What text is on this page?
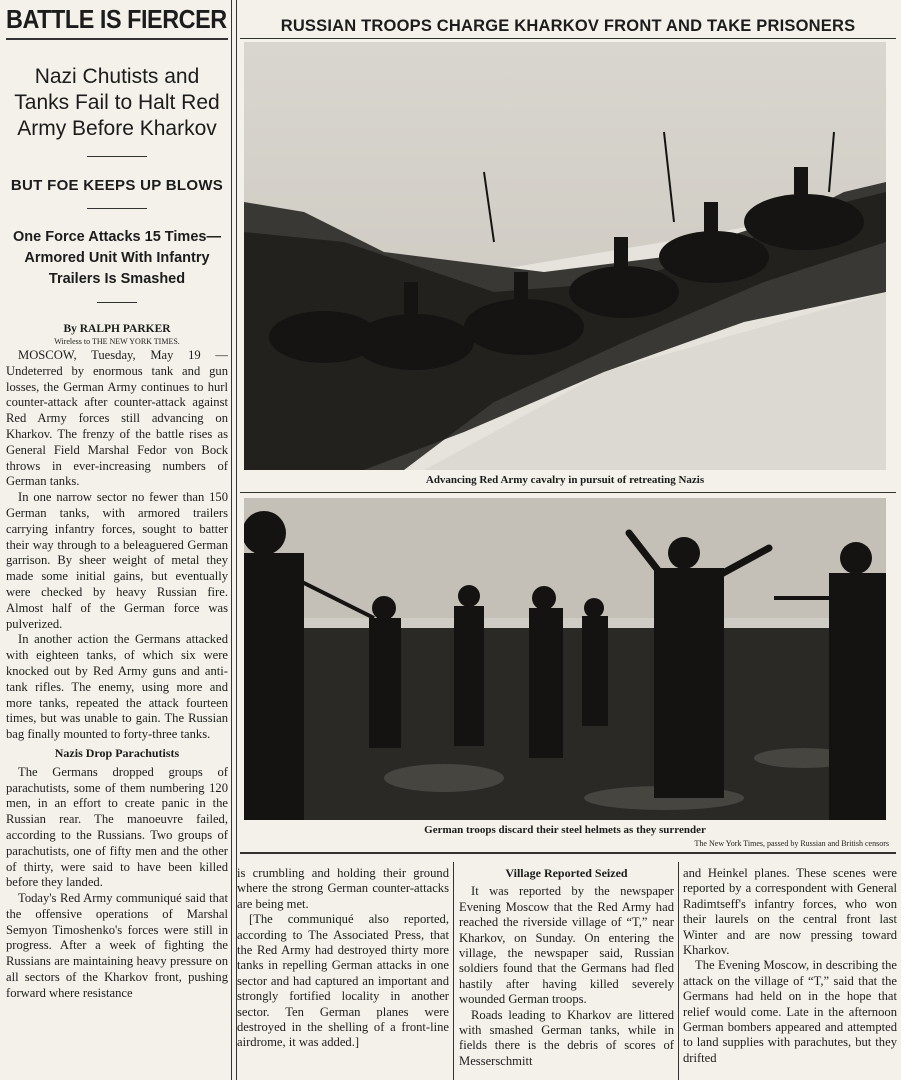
BATTLE IS FIERCER
Nazi Chutists and Tanks Fail to Halt Red Army Before Kharkov
BUT FOE KEEPS UP BLOWS
One Force Attacks 15 Times—Armored Unit With Infantry Trailers Is Smashed
By RALPH PARKER
Wireless to THE NEW YORK TIMES.

MOSCOW, Tuesday, May 19 — Undeterred by enormous tank and gun losses, the German Army continues to hurl counter-attack after counter-attack against Red Army forces still advancing on Kharkov. The frenzy of the battle rises as General Field Marshal Fedor von Bock throws in ever-increasing numbers of German tanks.

In one narrow sector no fewer than 150 German tanks, with armored trailers carrying infantry forces, sought to batter their way through to a beleaguered German garrison. By sheer weight of metal they made some initial gains, but eventually were checked by heavy Russian fire. Almost half of the German force was pulverized.

In another action the Germans attacked with eighteen tanks, of which six were knocked out by Red Army guns and anti-tank rifles. The enemy, using more and more tanks, repeated the attack fourteen times, but was unable to gain. The Russian bag finally mounted to forty-three tanks.

Nazis Drop Parachutists

The Germans dropped groups of parachutists, some of them numbering 120 men, in an effort to create panic in the Russian rear. The manoeuvre failed, according to the Russians. Two groups of parachutists, one of fifty men and the other of thirty, were said to have been killed before they landed.

Today's Red Army communiqué said that the offensive operations of Marshal Semyon Timoshenko's forces were still in progress. After a week of fighting the Russians are maintaining heavy pressure on all sectors of the Kharkov front, pushing forward where resistance

RUSSIAN TROOPS CHARGE KHARKOV FRONT AND TAKE PRISONERS
Advancing Red Army cavalry in pursuit of retreating Nazis
German troops discard their steel helmets as they surrender
The New York Times, passed by Russian and British censors

is crumbling and holding their ground where the strong German counter-attacks are being met.

[The communiqué also reported, according to The Associated Press, that the Red Army had destroyed thirty more tanks in repelling German attacks in one sector and had captured an important and strongly fortified locality in another sector. Ten German planes were destroyed in the shelling of a front-line airdrome, it was added.]

Village Reported Seized

It was reported by the newspaper Evening Moscow that the Red Army had reached the riverside village of “T,” near Kharkov, on Sunday. On entering the village, the newspaper said, Russian soldiers found that the Germans had fled hastily after having killed severely wounded German troops.

Roads leading to Kharkov are littered with smashed German tanks, while in fields there is the debris of scores of Messerschmitt

and Heinkel planes. These scenes were reported by a correspondent with General Radimtseff's infantry forces, who won their laurels on the central front last Winter and are now pressing toward Kharkov.

The Evening Moscow, in describing the attack on the village of “T,” said that the Germans had held on in the hope that relief would come. Late in the afternoon German bombers appeared and attempted to land supplies with parachutes, but they drifted
